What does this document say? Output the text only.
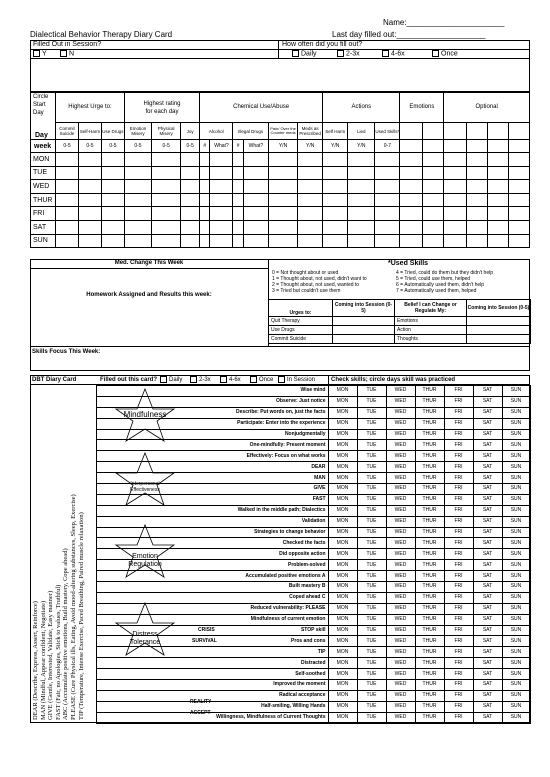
Name:______________________
Dialectical Behavior Therapy Diary Card	Last day filled out:____________________
Filled Out in Session?	How often did you fill out?
Y	N	Daily	2-3x	4-6x	Once
Circle
Start
Day	Highest Urge to:			Highest rating
for each day			Chemical Use/Abuse						Actions			Emotions		Optional			
	Commit Suicide	Self-Harm	Use Drugs	Emotion Misery	Physical Misery	Joy	Alcohol		Illegal Drugs		Pain/ Over the Counter meds	Meds as Prescribed	Self Harm	Lied	Used Skills*						
week	0-5	0-5	0-5	0-5	0-5	0-5	#	What?	#	What?	Y/N	Y/N	Y/N	Y/N	0-7						
MON																					
TUE																					
WED																					
THUR																					
FRI																					
SAT																					
SUN																					
Day
Med. Change This Week
Homework Assigned and Results this week:
*Used Skills
0 = Not thought about or used
1 = Thought about, not used, didn't want to
2 = Thought about, not used, wanted to
3 = Tried but couldn't use them
4 = Tried, could do them but they didn't help
5 = Tried, could use them, helped
6 = Automatically used them, didn't help
7 = Automatically used them, helped
Urges to:	Coming into Session (0-5)	Belief I can Change or Regulate My:	Coming into Session (0-5)
Quit Therapy		Emotions	
Use Drugs		Action	
Commit Suicide		Thoughts	
Skills Focus This Week:
DBT Diary Card	Filled out this card?	Daily	2-3x	4-6x	Once	In Session	Check skills; circle days skill was practiced
Wise mind	MON	TUE	WED	THUR	FRI	SAT	SUN
Observe: Just notice	MON	TUE	WED	THUR	FRI	SAT	SUN
Describe: Put words on, just the facts	MON	TUE	WED	THUR	FRI	SAT	SUN
Participate: Enter into the experience	MON	TUE	WED	THUR	FRI	SAT	SUN
Nonjudgmentally	MON	TUE	WED	THUR	FRI	SAT	SUN
One-mindfully: Present moment	MON	TUE	WED	THUR	FRI	SAT	SUN
Effectively: Focus on what works	MON	TUE	WED	THUR	FRI	SAT	SUN
DEAR	MON	TUE	WED	THUR	FRI	SAT	SUN
MAN	MON	TUE	WED	THUR	FRI	SAT	SUN
GIVE	MON	TUE	WED	THUR	FRI	SAT	SUN
FAST	MON	TUE	WED	THUR	FRI	SAT	SUN
Walked in the middle path; Dialectics	MON	TUE	WED	THUR	FRI	SAT	SUN
Validation	MON	TUE	WED	THUR	FRI	SAT	SUN
Strategies to change behavior	MON	TUE	WED	THUR	FRI	SAT	SUN
Checked the facts	MON	TUE	WED	THUR	FRI	SAT	SUN
Did opposite action	MON	TUE	WED	THUR	FRI	SAT	SUN
Problem-solved	MON	TUE	WED	THUR	FRI	SAT	SUN
Accumulated positive emotions A	MON	TUE	WED	THUR	FRI	SAT	SUN
Built mastery B	MON	TUE	WED	THUR	FRI	SAT	SUN
Coped ahead C	MON	TUE	WED	THUR	FRI	SAT	SUN
Reduced vulnerability: PLEASE	MON	TUE	WED	THUR	FRI	SAT	SUN
Mindfulness of current emotion	MON	TUE	WED	THUR	FRI	SAT	SUN
STOP skill	MON	TUE	WED	THUR	FRI	SAT	SUN
Pros and cons	MON	TUE	WED	THUR	FRI	SAT	SUN
TIP	MON	TUE	WED	THUR	FRI	SAT	SUN
Distracted	MON	TUE	WED	THUR	FRI	SAT	SUN
Self-soothed	MON	TUE	WED	THUR	FRI	SAT	SUN
Improved the moment	MON	TUE	WED	THUR	FRI	SAT	SUN
Radical acceptance	MON	TUE	WED	THUR	FRI	SAT	SUN
Half-smiling, Willing Hands	MON	TUE	WED	THUR	FRI	SAT	SUN
Willingness, Mindfulness of Current Thoughts	MON	TUE	WED	THUR	FRI	SAT	SUN
Mindfulness
Interpersonal Effectiveness
Emotion Regulation
Distress Tolerance
CRISIS
SURVIVAL
REALITY
ACCEPT
DEAR (Describe, Express, Assert, Reinforce) MAN (Mindful, Appear confident, Negotiate) GIVE (Gentle, Interested, Validate, Easy manner) FAST (Fair, no Apologies, Stick to values, Truthful) ABC (Accumulate positive emotions, Build mastery, Cope ahead) PLEASE (Cure Physical ills, Eating, Avoid mood-altering substances, Sleep, Exercise) TIP (Temperature, Intense Exercise, Paced Breathing, Paired muscle relaxation)
